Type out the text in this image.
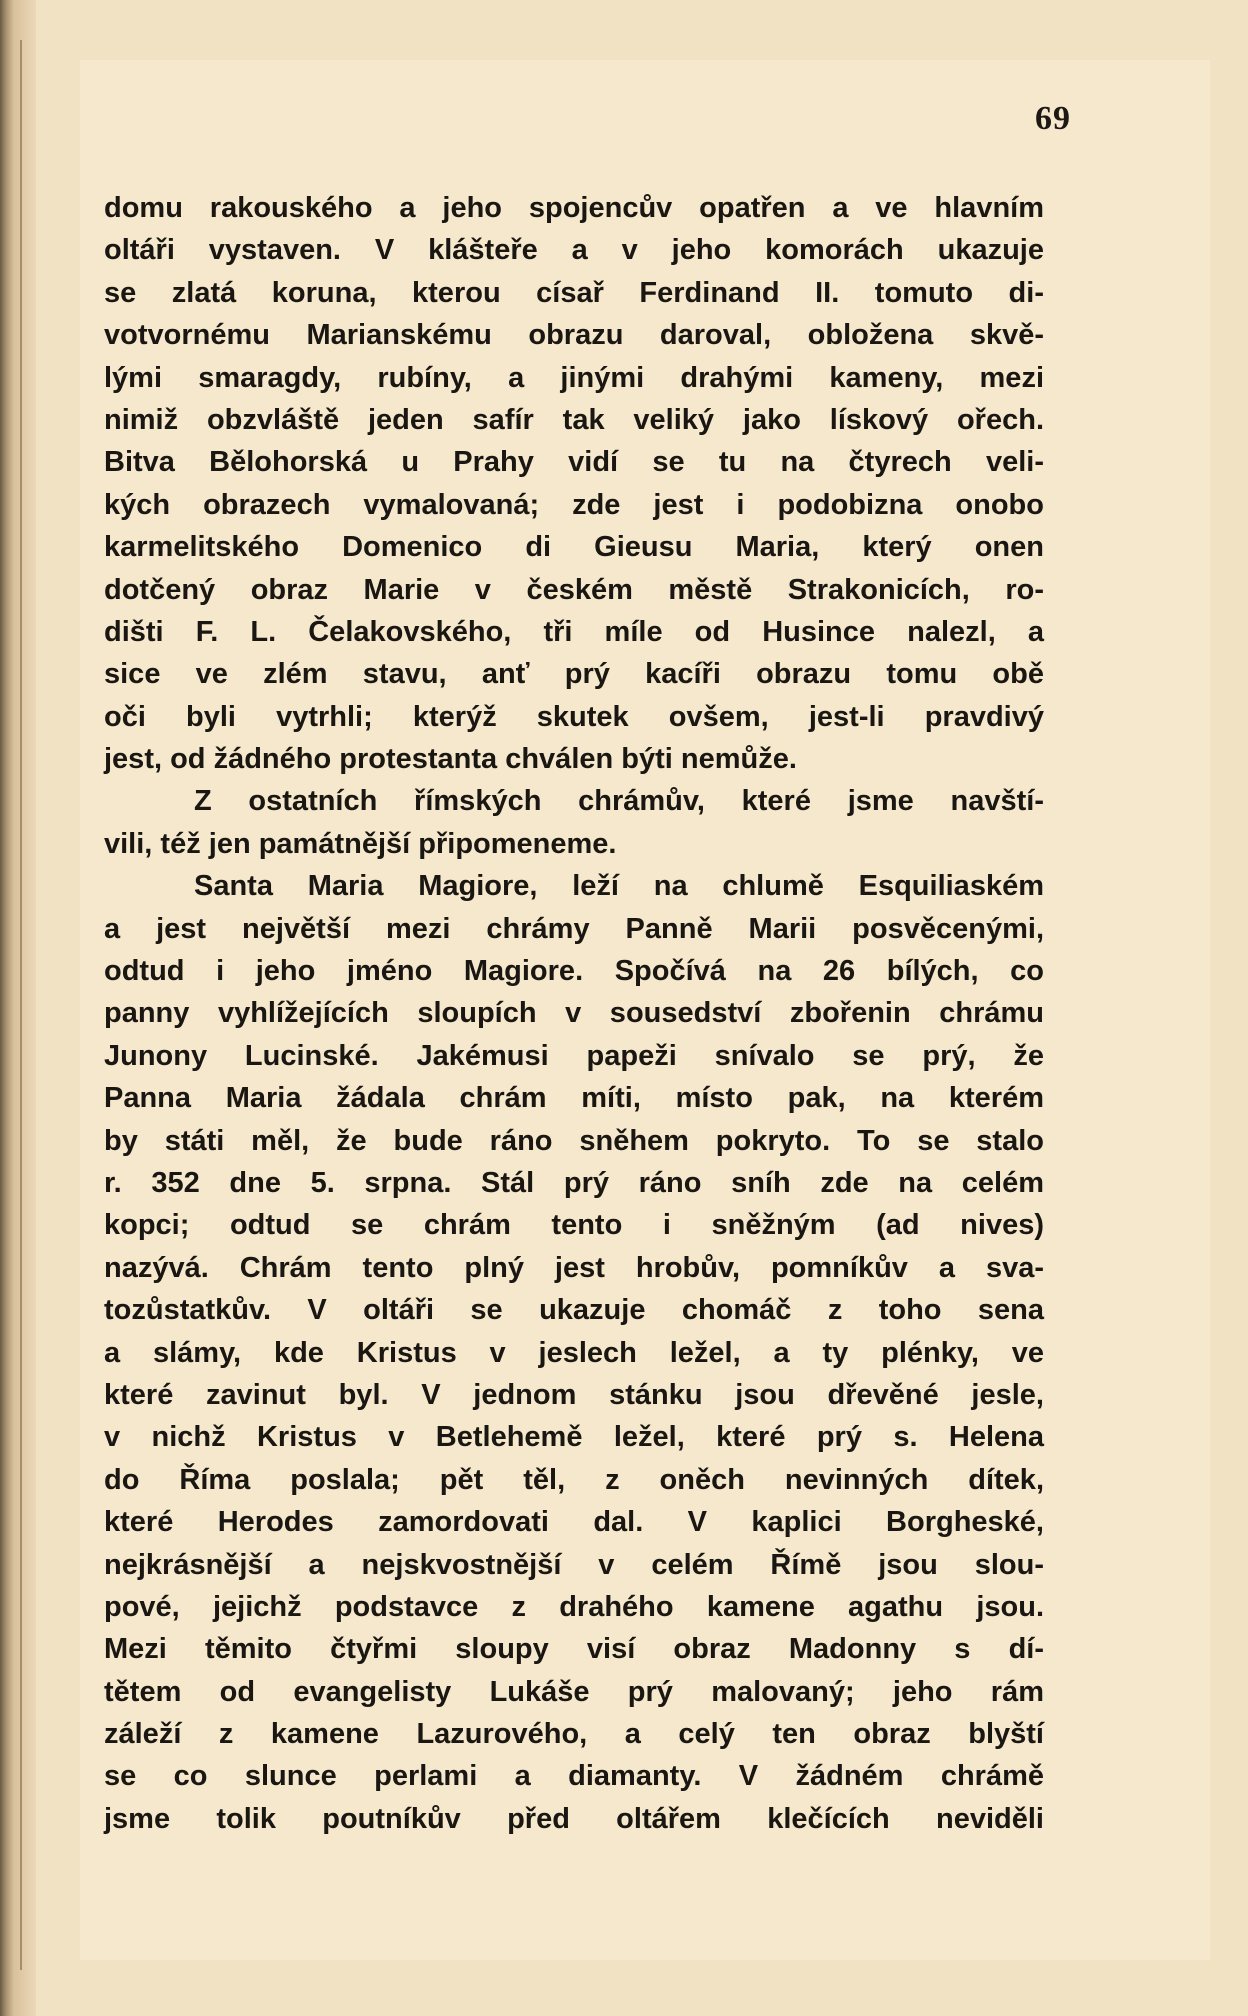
69
domu rakouského a jeho spojencův opatřen a ve hlavním
oltáři vystaven. V klášteře a v jeho komorách ukazuje
se zlatá koruna, kterou císař Ferdinand II. tomuto di-
votvornému Marianskému obrazu daroval, obložena skvě-
lými smaragdy, rubíny, a jinými drahými kameny, mezi
nimiž obzvláště jeden safír tak veliký jako lískový ořech.
Bitva Bělohorská u Prahy vidí se tu na čtyrech veli-
kých obrazech vymalovaná; zde jest i podobizna onobo
karmelitského Domenico di Gieusu Maria, který onen
dotčený obraz Marie v českém městě Strakonicích, ro-
dišti F. L. Čelakovského, tři míle od Husince nalezl, a
sice ve zlém stavu, anť prý kacíři obrazu tomu obě
oči byli vytrhli; kterýž skutek ovšem, jest-li pravdivý
jest, od žádného protestanta chválen býti nemůže.
Z ostatních římských chrámův, které jsme navští-
vili, též jen památnější připomeneme.
Santa Maria Magiore, leží na chlumě Esquiliaském
a jest největší mezi chrámy Panně Marii posvěcenými,
odtud i jeho jméno Magiore. Spočívá na 26 bílých, co
panny vyhlížejících sloupích v sousedství zbořenin chrámu
Junony Lucinské. Jakémusi papeži snívalo se prý, že
Panna Maria žádala chrám míti, místo pak, na kterém
by státi měl, že bude ráno sněhem pokryto. To se stalo
r. 352 dne 5. srpna. Stál prý ráno sníh zde na celém
kopci; odtud se chrám tento i sněžným (ad nives)
nazývá. Chrám tento plný jest hrobův, pomníkův a sva-
tozůstatkův. V oltáři se ukazuje chomáč z toho sena
a slámy, kde Kristus v jeslech ležel, a ty plénky, ve
které zavinut byl. V jednom stánku jsou dřevěné jesle,
v nichž Kristus v Betlehemě ležel, které prý s. Helena
do Říma poslala; pět těl, z oněch nevinných dítek,
které Herodes zamordovati dal. V kaplici Borgheské,
nejkrásnější a nejskvostnější v celém Římě jsou slou-
pové, jejichž podstavce z drahého kamene agathu jsou.
Mezi těmito čtyřmi sloupy visí obraz Madonny s dí-
tětem od evangelisty Lukáše prý malovaný; jeho rám
záleží z kamene Lazurového, a celý ten obraz blyští
se co slunce perlami a diamanty. V žádném chrámě
jsme tolik poutníkův před oltářem klečících neviděli
